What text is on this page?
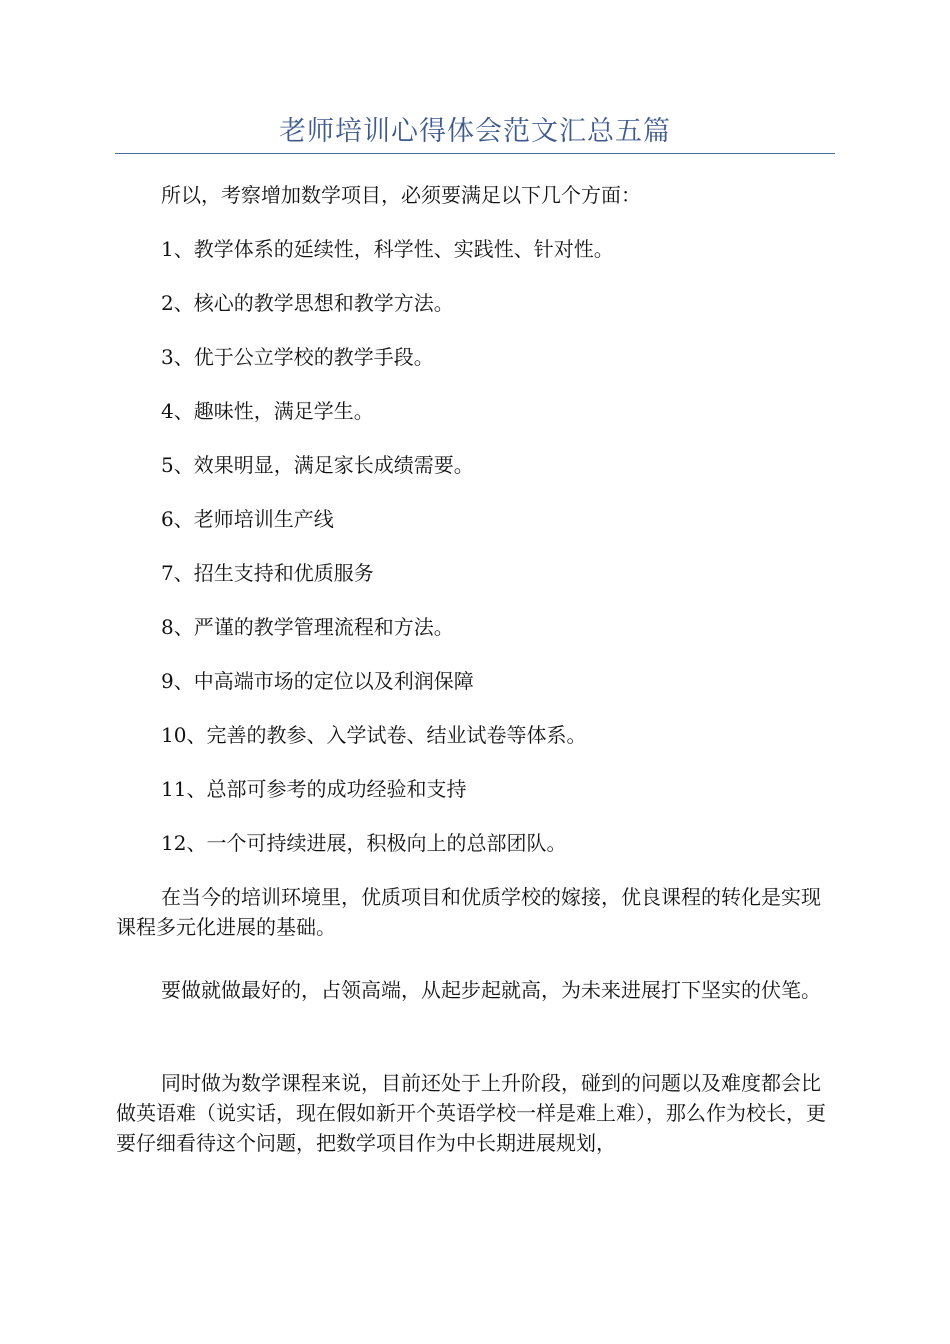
老师培训心得体会范文汇总五篇

所以，考察增加数学项目，必须要满足以下几个方面：

1、教学体系的延续性，科学性、实践性、针对性。

2、核心的教学思想和教学方法。

3、优于公立学校的教学手段。

4、趣味性，满足学生。

5、效果明显，满足家长成绩需要。

6、老师培训生产线

7、招生支持和优质服务

8、严谨的教学管理流程和方法。

9、中高端市场的定位以及利润保障

10、完善的教参、入学试卷、结业试卷等体系。

11、总部可参考的成功经验和支持

12、一个可持续进展，积极向上的总部团队。

在当今的培训环境里，优质项目和优质学校的嫁接，优良课程的转化是实现课程多元化进展的基础。

要做就做最好的，占领高端，从起步起就高，为未来进展打下坚实的伏笔。

同时做为数学课程来说，目前还处于上升阶段，碰到的问题以及难度都会比做英语难（说实话，现在假如新开个英语学校一样是难上难），那么作为校长，更要仔细看待这个问题，把数学项目作为中长期进展规划，
